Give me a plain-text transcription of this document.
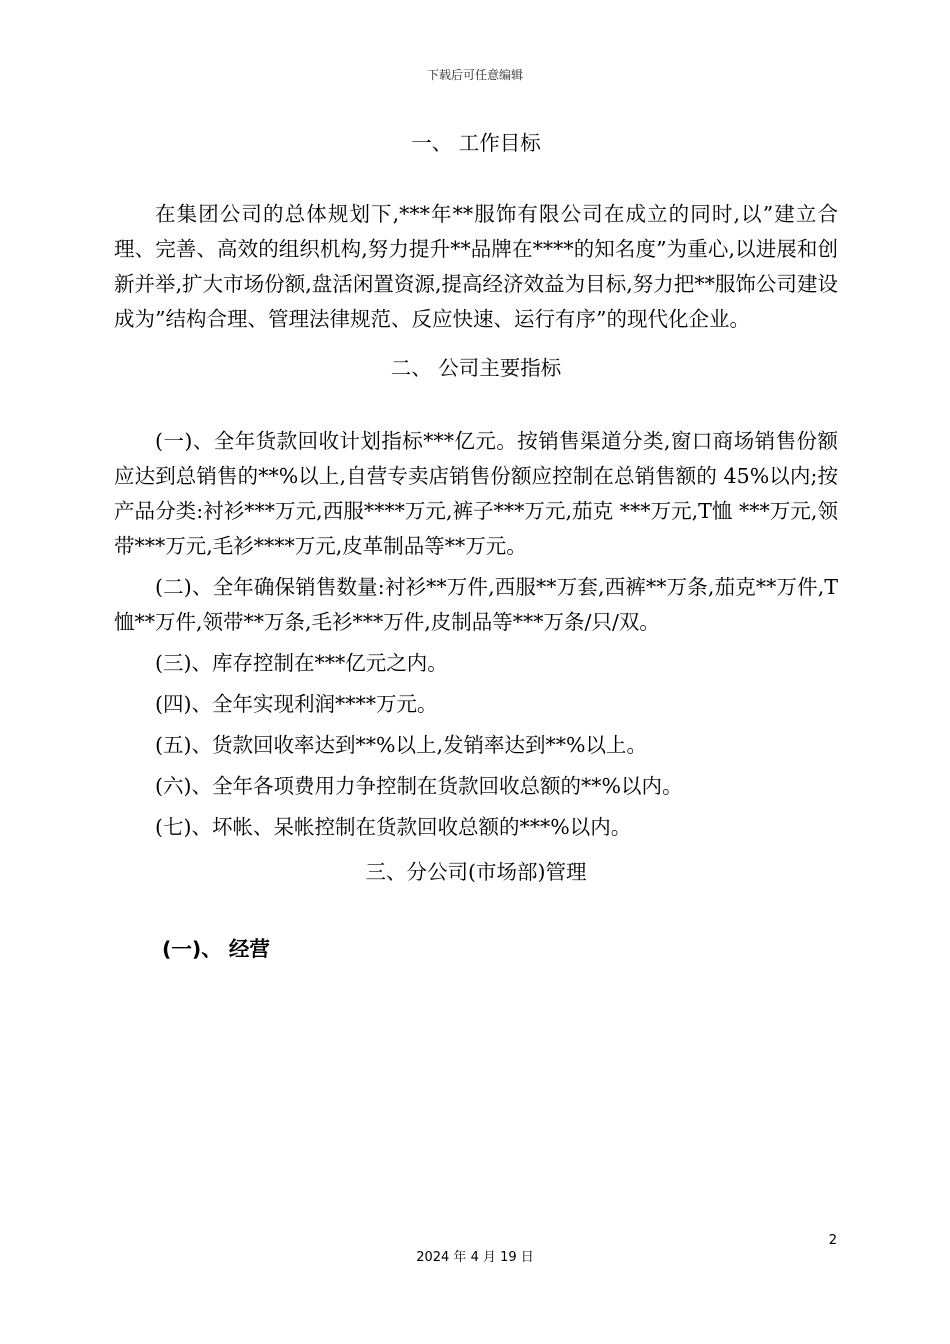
下载后可任意编辑

一、 工作目标

在集团公司的总体规划下,***年**服饰有限公司在成立的同时,以”建立合理、完善、高效的组织机构,努力提升**品牌在****的知名度”为重心,以进展和创新并举,扩大市场份额,盘活闲置资源,提高经济效益为目标,努力把**服饰公司建设成为”结构合理、管理法律规范、反应快速、运行有序”的现代化企业。

二、 公司主要指标

(一)、全年货款回收计划指标***亿元。按销售渠道分类,窗口商场销售份额应达到总销售的**%以上,自营专卖店销售份额应控制在总销售额的 45%以内;按产品分类:衬衫***万元,西服****万元,裤子***万元,茄克 ***万元,T恤 ***万元,领带***万元,毛衫****万元,皮革制品等**万元。

(二)、全年确保销售数量:衬衫**万件,西服**万套,西裤**万条,茄克**万件,T恤**万件,领带**万条,毛衫***万件,皮制品等***万条/只/双。

(三)、库存控制在***亿元之内。

(四)、全年实现利润****万元。

(五)、货款回收率达到**%以上,发销率达到**%以上。

(六)、全年各项费用力争控制在货款回收总额的**%以内。

(七)、坏帐、呆帐控制在货款回收总额的***%以内。

三、分公司(市场部)管理

(一)、 经营

2
2024 年 4 月 19 日
